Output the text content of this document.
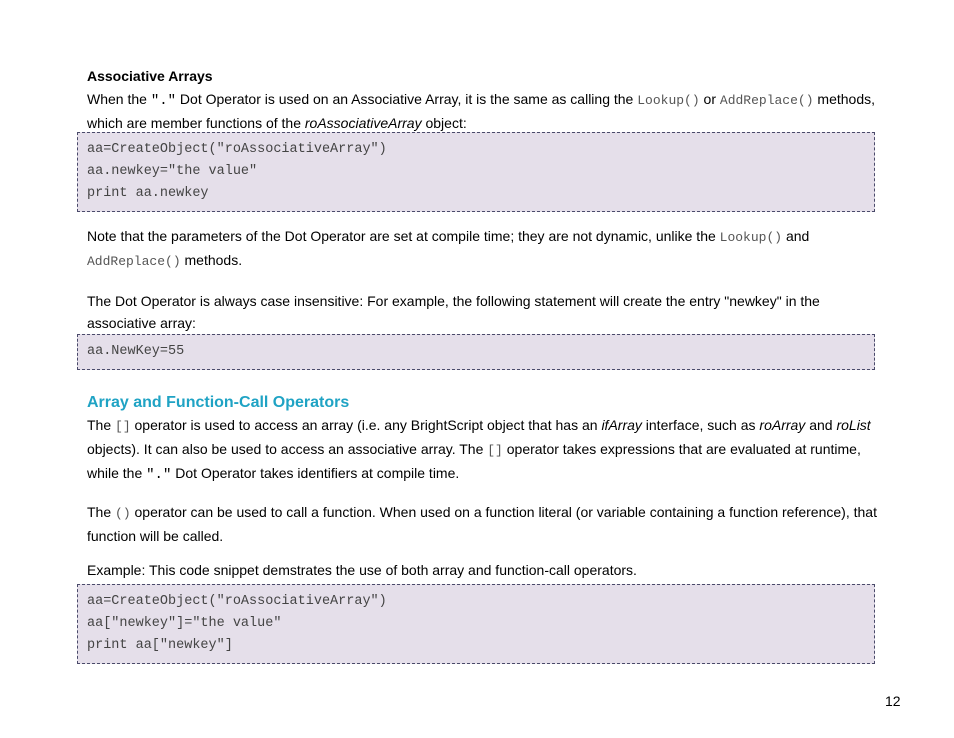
Associative Arrays

When the "." Dot Operator is used on an Associative Array, it is the same as calling the Lookup() or AddReplace() methods, which are member functions of the roAssociativeArray object:

aa=CreateObject("roAssociativeArray")

aa.newkey="the value"

print aa.newkey

Note that the parameters of the Dot Operator are set at compile time; they are not dynamic, unlike the Lookup() and AddReplace() methods.

The Dot Operator is always case insensitive: For example, the following statement will create the entry "newkey" in the associative array:

aa.NewKey=55

Array and Function-Call Operators

The [] operator is used to access an array (i.e. any BrightScript object that has an ifArray interface, such as roArray and roList objects). It can also be used to access an associative array. The [] operator takes expressions that are evaluated at runtime, while the "." Dot Operator takes identifiers at compile time.

The () operator can be used to call a function. When used on a function literal (or variable containing a function reference), that function will be called.

Example: This code snippet demstrates the use of both array and function-call operators.

aa=CreateObject("roAssociativeArray")

aa["newkey"]="the value"

print aa["newkey"]

12
